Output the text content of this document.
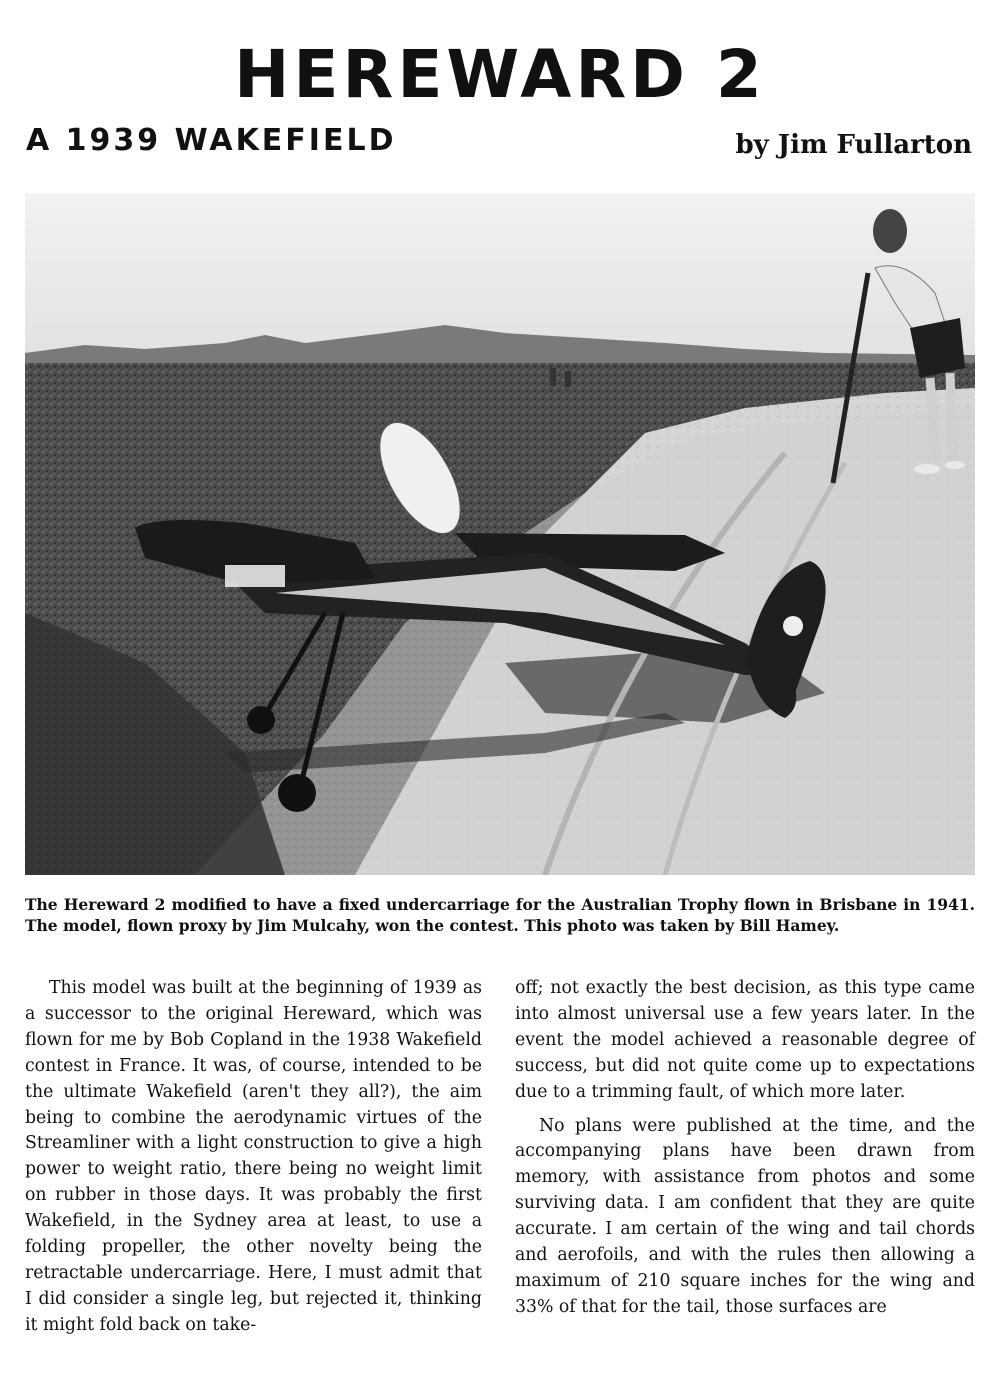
HEREWARD 2
A 1939 WAKEFIELD	by Jim Fullarton

The Hereward 2 modified to have a fixed undercarriage for the Australian Trophy flown in Brisbane in 1941. The model, flown proxy by Jim Mulcahy, won the contest. This photo was taken by Bill Hamey.

This model was built at the beginning of 1939 as a successor to the original Hereward, which was flown for me by Bob Copland in the 1938 Wakefield contest in France. It was, of course, intended to be the ultimate Wakefield (aren't they all?), the aim being to combine the aerodynamic virtues of the Streamliner with a light construction to give a high power to weight ratio, there being no weight limit on rubber in those days. It was probably the first Wakefield, in the Sydney area at least, to use a folding propeller, the other novelty being the retractable undercarriage. Here, I must admit that I did consider a single leg, but rejected it, thinking it might fold back on take-

off; not exactly the best decision, as this type came into almost universal use a few years later. In the event the model achieved a reasonable degree of success, but did not quite come up to expectations due to a trimming fault, of which more later.

No plans were published at the time, and the accompanying plans have been drawn from memory, with assistance from photos and some surviving data. I am confident that they are quite accurate. I am certain of the wing and tail chords and aerofoils, and with the rules then allowing a maximum of 210 square inches for the wing and 33% of that for the tail, those surfaces are
